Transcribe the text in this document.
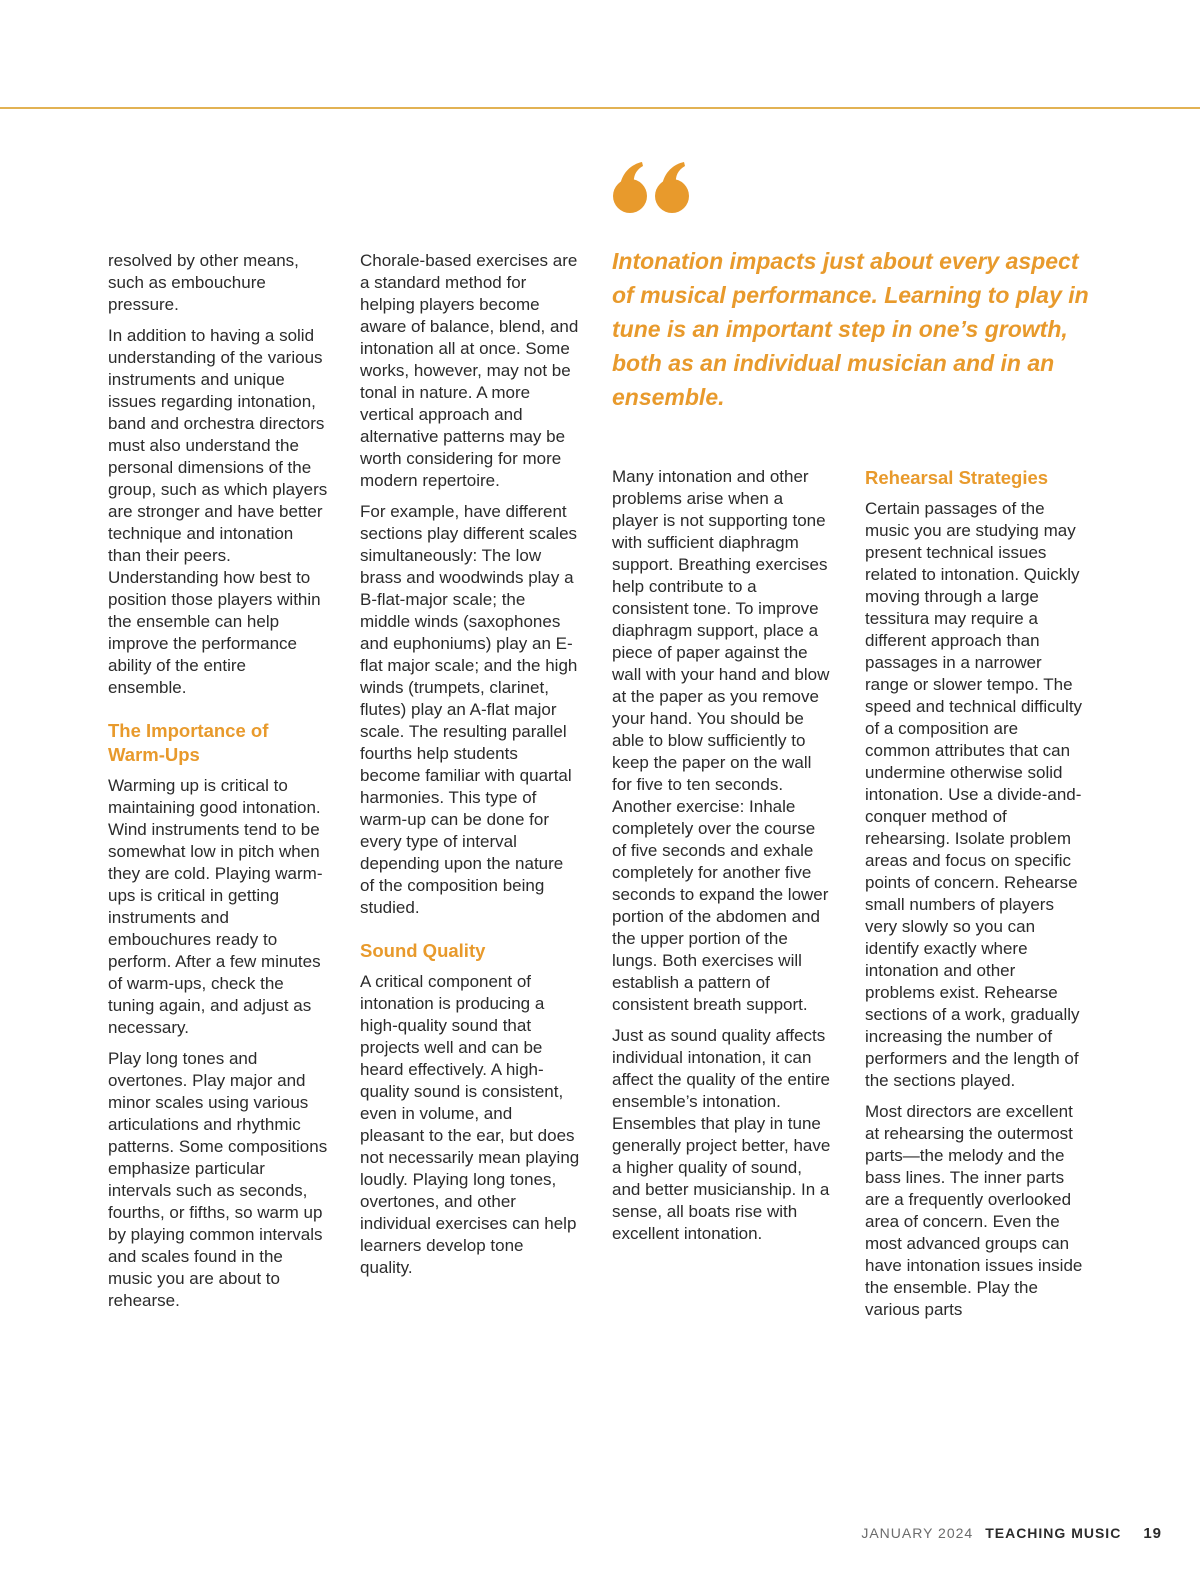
resolved by other means, such as embouchure pressure.

In addition to having a solid understanding of the various instruments and unique issues regarding intonation, band and orchestra directors must also understand the personal dimensions of the group, such as which players are stronger and have better technique and intonation than their peers. Understanding how best to position those players within the ensemble can help improve the performance ability of the entire ensemble.

The Importance of Warm-Ups

Warming up is critical to maintaining good intonation. Wind instruments tend to be somewhat low in pitch when they are cold. Playing warm-ups is critical in getting instruments and embouchures ready to perform. After a few minutes of warm-ups, check the tuning again, and adjust as necessary.

Play long tones and overtones. Play major and minor scales using various articulations and rhythmic patterns. Some compositions emphasize particular intervals such as seconds, fourths, or fifths, so warm up by playing common intervals and scales found in the music you are about to rehearse.

Chorale-based exercises are a standard method for helping players become aware of balance, blend, and intonation all at once. Some works, however, may not be tonal in nature. A more vertical approach and alternative patterns may be worth considering for more modern repertoire.

For example, have different sections play different scales simultaneously: The low brass and woodwinds play a B-flat-major scale; the middle winds (saxophones and euphoniums) play an E-flat major scale; and the high winds (trumpets, clarinet, flutes) play an A-flat major scale. The resulting parallel fourths help students become familiar with quartal harmonies. This type of warm-up can be done for every type of interval depending upon the nature of the composition being studied.

Sound Quality

A critical component of intonation is producing a high-quality sound that projects well and can be heard effectively. A high-quality sound is consistent, even in volume, and pleasant to the ear, but does not necessarily mean playing loudly. Playing long tones, overtones, and other individual exercises can help learners develop tone quality.

Intonation impacts just about every aspect of musical performance. Learning to play in tune is an important step in one’s growth, both as an individual musician and in an ensemble.

Many intonation and other problems arise when a player is not supporting tone with sufficient diaphragm support. Breathing exercises help contribute to a consistent tone. To improve diaphragm support, place a piece of paper against the wall with your hand and blow at the paper as you remove your hand. You should be able to blow sufficiently to keep the paper on the wall for five to ten seconds. Another exercise: Inhale completely over the course of five seconds and exhale completely for another five seconds to expand the lower portion of the abdomen and the upper portion of the lungs. Both exercises will establish a pattern of consistent breath support.

Just as sound quality affects individual intonation, it can affect the quality of the entire ensemble’s intonation. Ensembles that play in tune generally project better, have a higher quality of sound, and better musicianship. In a sense, all boats rise with excellent intonation.

Rehearsal Strategies

Certain passages of the music you are studying may present technical issues related to intonation. Quickly moving through a large tessitura may require a different approach than passages in a narrower range or slower tempo. The speed and technical difficulty of a composition are common attributes that can undermine otherwise solid intonation. Use a divide-and-conquer method of rehearsing. Isolate problem areas and focus on specific points of concern. Rehearse small numbers of players very slowly so you can identify exactly where intonation and other problems exist. Rehearse sections of a work, gradually increasing the number of performers and the length of the sections played.

Most directors are excellent at rehearsing the outermost parts—the melody and the bass lines. The inner parts are a frequently overlooked area of concern. Even the most advanced groups can have intonation issues inside the ensemble. Play the various parts

JANUARY 2024 TEACHING MUSIC 19
